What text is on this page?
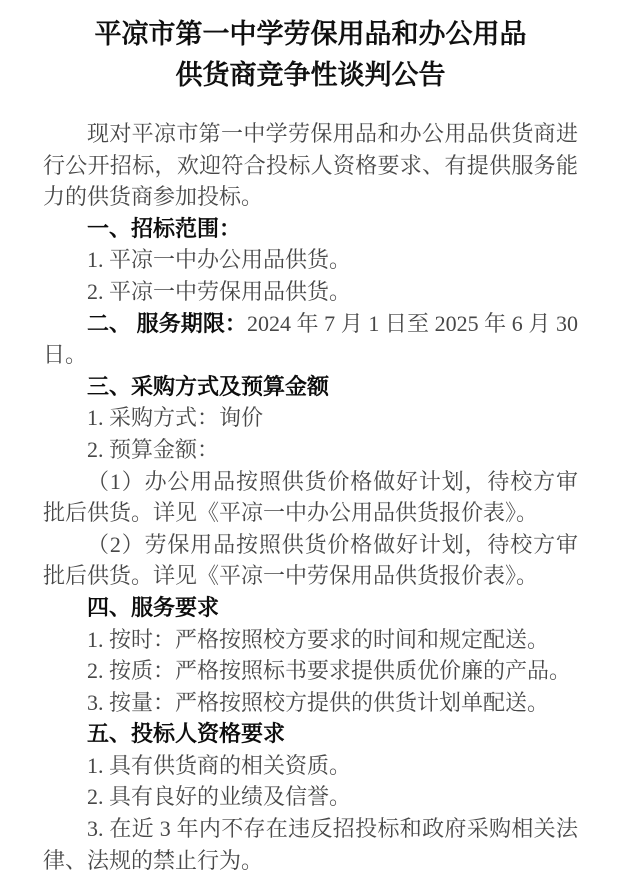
平凉市第一中学劳保用品和办公用品
供货商竞争性谈判公告

现对平凉市第一中学劳保用品和办公用品供货商进行公开招标，欢迎符合投标人资格要求、有提供服务能力的供货商参加投标。

一、招标范围：

1. 平凉一中办公用品供货。

2. 平凉一中劳保用品供货。

二、 服务期限：2024 年 7 月 1 日至 2025 年 6 月 30 日。

三、采购方式及预算金额

1. 采购方式：询价

2. 预算金额：

（1）办公用品按照供货价格做好计划，待校方审批后供货。详见《平凉一中办公用品供货报价表》。

（2）劳保用品按照供货价格做好计划，待校方审批后供货。详见《平凉一中劳保用品供货报价表》。

四、服务要求

1. 按时：严格按照校方要求的时间和规定配送。

2. 按质：严格按照标书要求提供质优价廉的产品。

3. 按量：严格按照校方提供的供货计划单配送。

五、投标人资格要求

1. 具有供货商的相关资质。

2. 具有良好的业绩及信誉。

3. 在近 3 年内不存在违反招投标和政府采购相关法律、法规的禁止行为。
